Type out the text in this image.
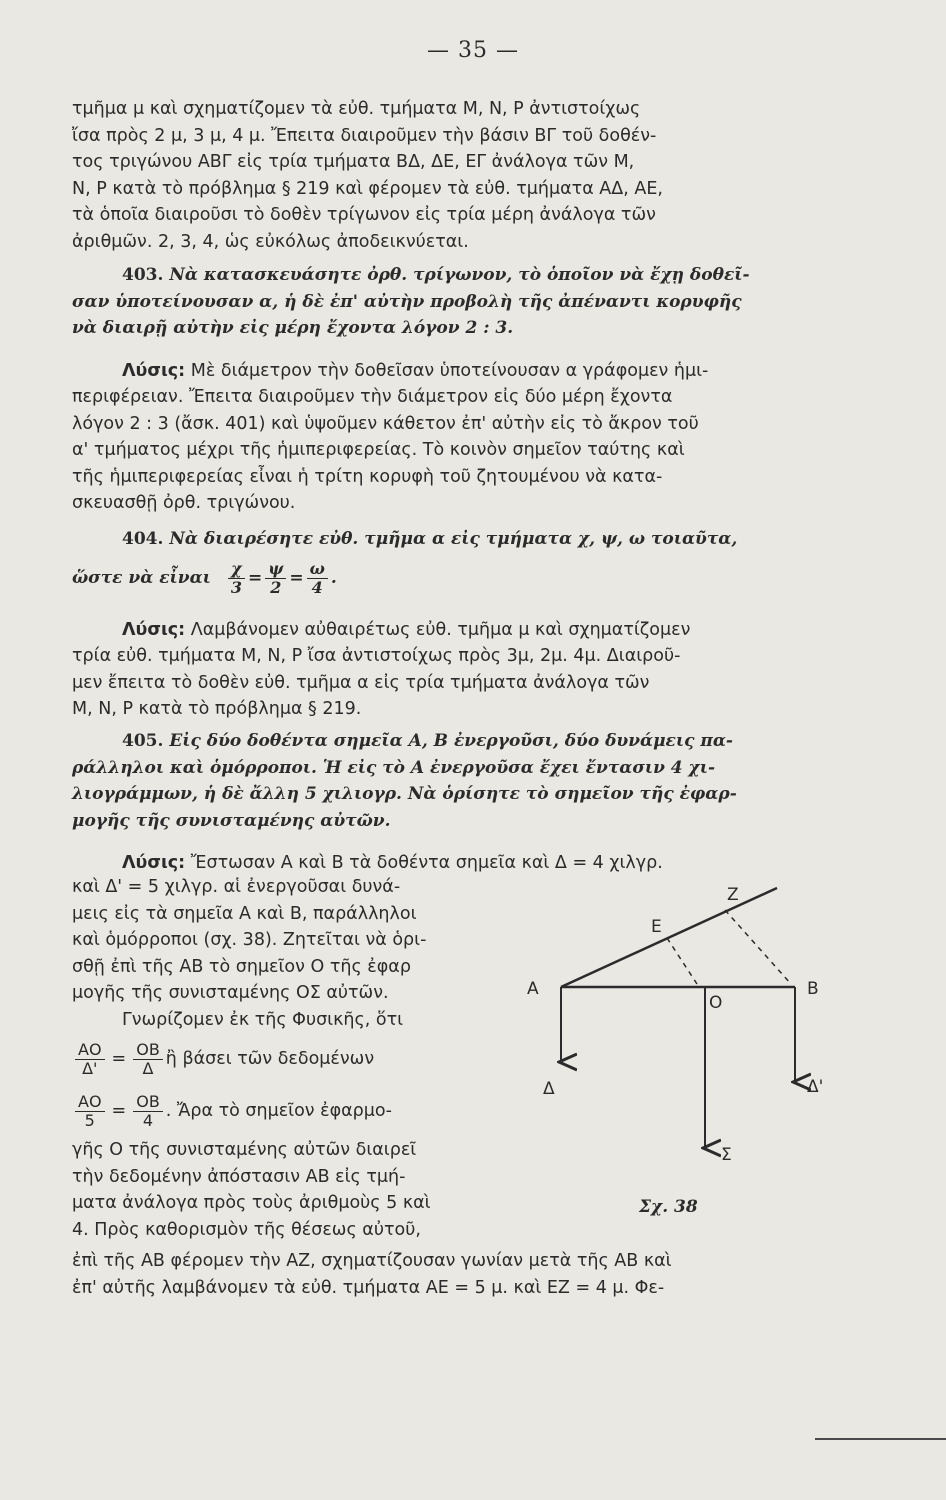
— 35 —

τμῆμα μ καὶ σχηματίζομεν τὰ εὐθ. τμήματα Μ, Ν, Ρ ἀντιστοίχως

ἴσα πρὸς 2 μ, 3 μ, 4 μ. Ἔπειτα διαιροῦμεν τὴν βάσιν ΒΓ τοῦ δοθέν-

τος τριγώνου ΑΒΓ εἰς τρία τμήματα ΒΔ, ΔΕ, ΕΓ ἀνάλογα τῶν Μ,

Ν, Ρ κατὰ τὸ πρόβλημα § 219 καὶ φέρομεν τὰ εὐθ. τμήματα ΑΔ, ΑΕ,

τὰ ὁποῖα διαιροῦσι τὸ δοθὲν τρίγωνον εἰς τρία μέρη ἀνάλογα τῶν

ἀριθμῶν. 2, 3, 4, ὡς εὐκόλως ἀποδεικνύεται.

403. Νὰ κατασκευάσητε ὀρθ. τρίγωνον, τὸ ὁποῖον νὰ ἔχῃ δοθεῖ-

σαν ὑποτείνουσαν α, ἡ δὲ ἐπ' αὐτὴν προβολὴ τῆς ἀπέναντι κορυφῆς

νὰ διαιρῇ αὐτὴν εἰς μέρη ἔχοντα λόγον 2 : 3.

Λύσις: Μὲ διάμετρον τὴν δοθεῖσαν ὑποτείνουσαν α γράφομεν ἡμι-

περιφέρειαν. Ἔπειτα διαιροῦμεν τὴν διάμετρον εἰς δύο μέρη ἔχοντα

λόγον 2 : 3 (ἄσκ. 401) καὶ ὑψοῦμεν κάθετον ἐπ' αὐτὴν εἰς τὸ ἄκρον τοῦ

α' τμήματος μέχρι τῆς ἡμιπεριφερείας. Τὸ κοινὸν σημεῖον ταύτης καὶ

τῆς ἡμιπεριφερείας εἶναι ἡ τρίτη κορυφὴ τοῦ ζητουμένου νὰ κατα-

σκευασθῇ ὀρθ. τριγώνου.

404. Νὰ διαιρέσητε εὐθ. τμῆμα α εἰς τμήματα χ, ψ, ω τοιαῦτα,

ὥστε νὰ εἶναι $\frac{\chi}{3} = \frac{\psi}{2} = \frac{\omega}{4}$ .

Λύσις: Λαμβάνομεν αὐθαιρέτως εὐθ. τμῆμα μ καὶ σχηματίζομεν

τρία εὐθ. τμήματα Μ, Ν, Ρ ἴσα ἀντιστοίχως πρὸς 3μ, 2μ. 4μ. Διαιροῦ-

μεν ἔπειτα τὸ δοθὲν εὐθ. τμῆμα α εἰς τρία τμήματα ἀνάλογα τῶν

Μ, Ν, Ρ κατὰ τὸ πρόβλημα § 219.

405. Εἰς δύο δοθέντα σημεῖα Α, Β ἐνεργοῦσι, δύο δυνάμεις πα-

ράλληλοι καὶ ὁμόρροποι. Ἡ εἰς τὸ Α ἐνεργοῦσα ἔχει ἔντασιν 4 χι-

λιογράμμων, ἡ δὲ ἄλλη 5 χιλιογρ. Νὰ ὁρίσητε τὸ σημεῖον τῆς ἐφαρ-

μογῆς τῆς συνισταμένης αὐτῶν.

Λύσις: Ἔστωσαν Α καὶ Β τὰ δοθέντα σημεῖα καὶ Δ = 4 χιλγρ.

καὶ Δ' = 5 χιλγρ. αἱ ἐνεργοῦσαι δυνά-

μεις εἰς τὰ σημεῖα Α καὶ Β, παράλληλοι

καὶ ὁμόρροποι (σχ. 38). Ζητεῖται νὰ ὁρι-

σθῇ ἐπὶ τῆς ΑΒ τὸ σημεῖον Ο τῆς ἐφαρ

μογῆς τῆς συνισταμένης ΟΣ αὐτῶν.

Γνωρίζομεν ἐκ τῆς Φυσικῆς, ὅτι

$\frac{AO}{\Delta'} = \frac{OB}{\Delta}$ ἢ βάσει τῶν δεδομένων
$\frac{AO}{5} = \frac{OB}{4}$ . Ἄρα τὸ σημεῖον ἐφαρμο-

γῆς Ο τῆς συνισταμένης αὐτῶν διαιρεῖ

τὴν δεδομένην ἀπόστασιν ΑΒ εἰς τμή-

ματα ἀνάλογα πρὸς τοὺς ἀριθμοὺς 5 καὶ

4. Πρὸς καθορισμὸν τῆς θέσεως αὐτοῦ,

ἐπὶ τῆς ΑΒ φέρομεν τὴν ΑΖ, σχηματίζουσαν γωνίαν μετὰ τῆς ΑΒ καὶ

ἐπ' αὐτῆς λαμβάνομεν τὰ εὐθ. τμήματα ΑΕ = 5 μ. καὶ ΕΖ = 4 μ. Φε-

Z
E
A
O
B
Δ	Δ'
Σ
Σχ. 38
